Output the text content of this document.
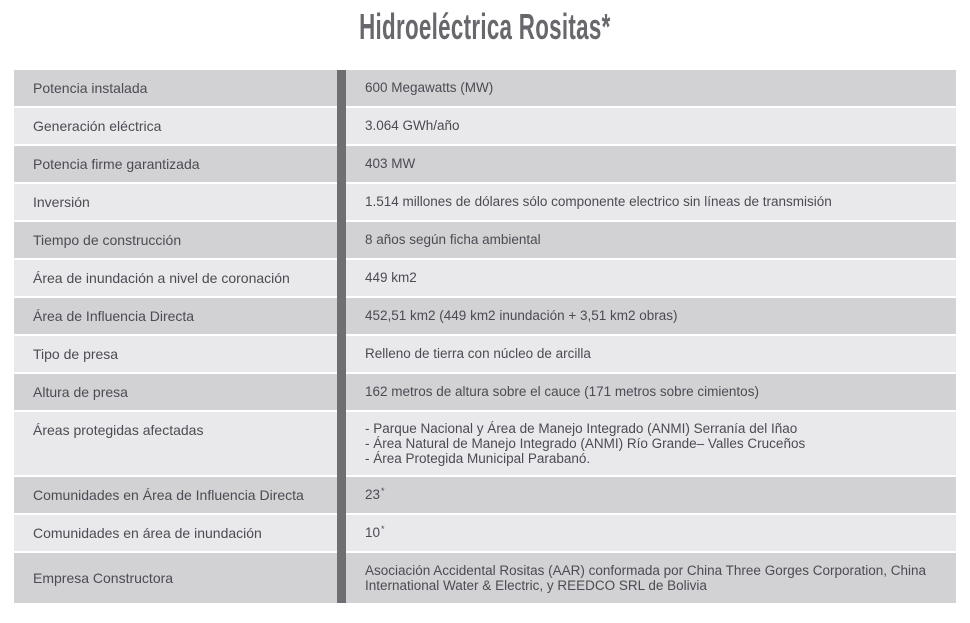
Hidroeléctrica Rositas*
Potencia instalada	600 Megawatts (MW)
Generación eléctrica	3.064 GWh/año
Potencia firme garantizada	403 MW
Inversión	1.514 millones de dólares sólo componente electrico sin líneas de transmisión
Tiempo de construcción	8 años según ficha ambiental
Área de inundación a nivel de coronación	449 km2
Área de Influencia Directa	452,51 km2 (449 km2 inundación + 3,51 km2 obras)
Tipo de presa	Relleno de tierra con núcleo de arcilla
Altura de presa	162 metros de altura sobre el cauce (171 metros sobre cimientos)
Áreas protegidas afectadas	- Parque Nacional y Área de Manejo Integrado (ANMI) Serranía del Iñao
- Área Natural de Manejo Integrado (ANMI) Río Grande– Valles Cruceños
- Área Protegida Municipal Parabanó.
Comunidades en Área de Influencia Directa	23*
Comunidades en área de inundación	10*
Empresa Constructora	Asociación Accidental Rositas (AAR) conformada por China Three Gorges Corporation, China International Water & Electric, y REEDCO SRL de Bolivia
